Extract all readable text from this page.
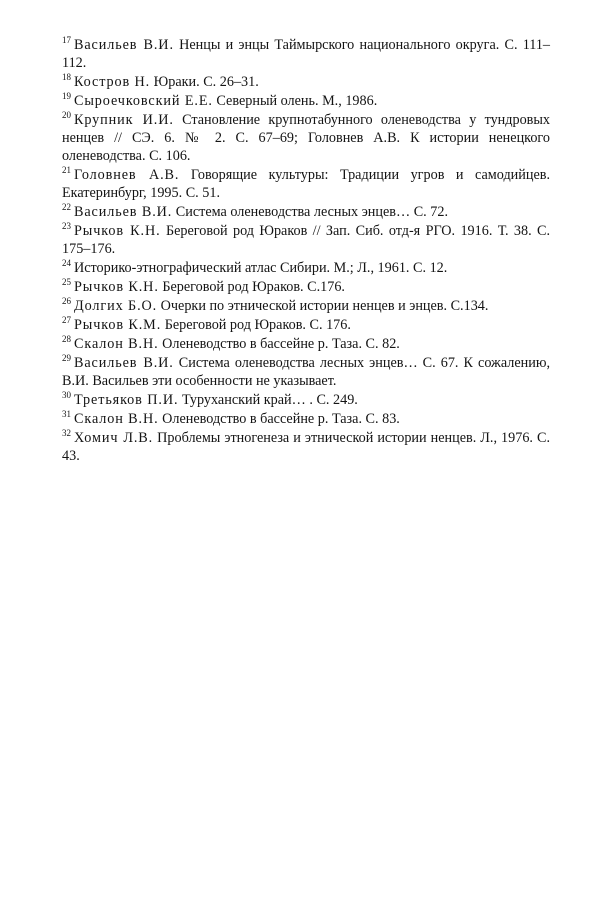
$^{17}$ Васильев В.И. Ненцы и энцы Таймырского национального округа. С. 111–112.

$^{18}$ Костров Н. Юраки. С. 26–31.

$^{19}$ Сыроечковский Е.Е. Северный олень. М., 1986.

$^{20}$ Крупник И.И. Становление крупнотабунного оленеводства у тундровых ненцев // СЭ. 6. № 2. С. 67–69; Головнев А.В. К истории ненецкого оленеводства. С. 106.

$^{21}$ Головнев А.В. Говорящие культуры: Традиции угров и самодийцев. Екатеринбург, 1995. С. 51.

$^{22}$ Васильев В.И. Система оленеводства лесных энцев… С. 72.

$^{23}$ Рычков К.Н. Береговой род Юраков // Зап. Сиб. отд-я РГО. 1916. Т. 38. С. 175–176.

$^{24}$ Историко-этнографический атлас Сибири. М.; Л., 1961. С. 12.

$^{25}$ Рычков К.Н. Береговой род Юраков. С.176.

$^{26}$ Долгих Б.О. Очерки по этнической истории ненцев и энцев. С.134.

$^{27}$ Рычков К.М. Береговой род Юраков. С. 176.

$^{28}$ Скалон В.Н. Оленеводство в бассейне р. Таза. С. 82.

$^{29}$ Васильев В.И. Система оленеводства лесных энцев… С. 67. К сожалению, В.И. Васильев эти особенности не указывает.

$^{30}$ Третьяков П.И. Туруханский край… . С. 249.

$^{31}$ Скалон В.Н. Оленеводство в бассейне р. Таза. С. 83.

$^{32}$ Хомич Л.В. Проблемы этногенеза и этнической истории ненцев. Л., 1976. С. 43.
